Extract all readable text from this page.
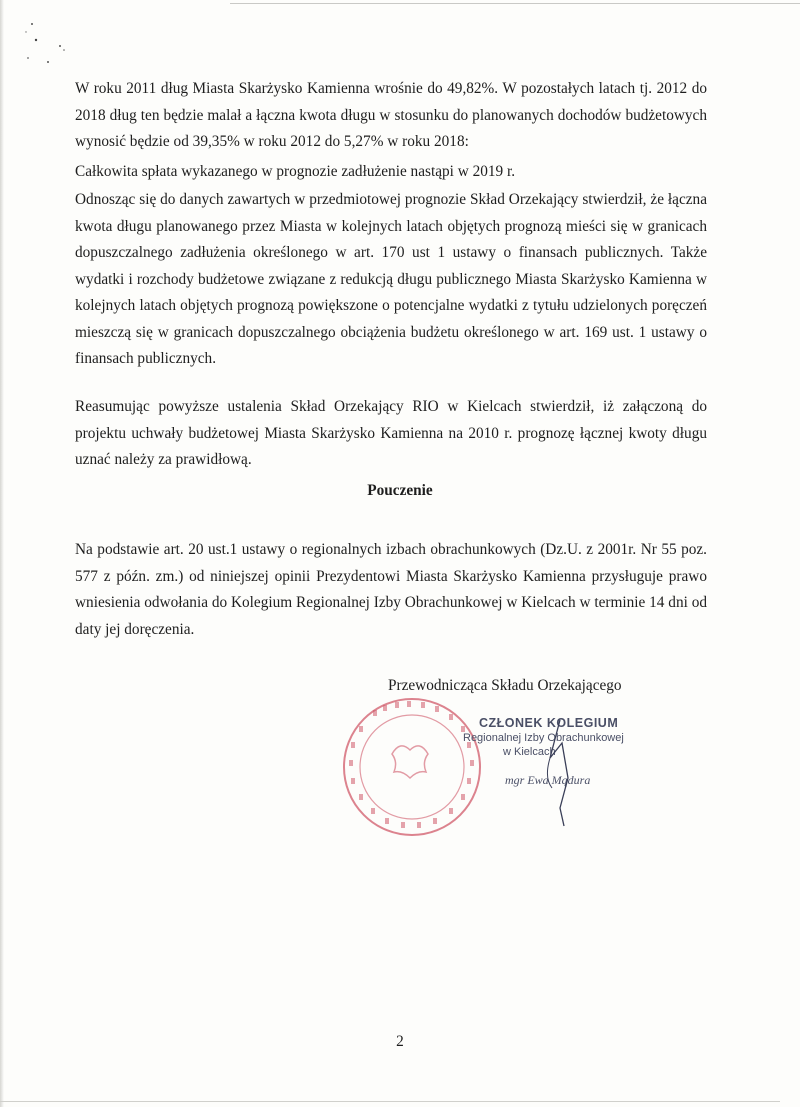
W roku 2011 dług Miasta Skarżysko Kamienna wrośnie do 49,82%. W pozostałych latach tj. 2012 do 2018 dług ten będzie malał a łączna kwota długu w stosunku do planowanych dochodów budżetowych wynosić będzie od 39,35% w roku 2012 do 5,27% w roku 2018:

Całkowita spłata wykazanego w prognozie zadłużenie nastąpi w 2019 r.

Odnosząc się do danych zawartych w przedmiotowej prognozie Skład Orzekający stwierdził, że łączna kwota długu planowanego przez Miasta w kolejnych latach objętych prognozą mieści się w granicach dopuszczalnego zadłużenia określonego w art. 170 ust 1 ustawy o finansach publicznych. Także wydatki i rozchody budżetowe związane z redukcją długu publicznego Miasta Skarżysko Kamienna w kolejnych latach objętych prognozą powiększone o potencjalne wydatki z tytułu udzielonych poręczeń mieszczą się w granicach dopuszczalnego obciążenia budżetu określonego w art. 169 ust. 1 ustawy o finansach publicznych.

Reasumując powyższe ustalenia Skład Orzekający RIO w Kielcach stwierdził, iż załączoną do projektu uchwały budżetowej Miasta Skarżysko Kamienna na 2010 r. prognozę łącznej kwoty długu uznać należy za prawidłową.

Pouczenie

Na podstawie art. 20 ust.1 ustawy o regionalnych izbach obrachunkowych (Dz.U. z 2001r. Nr 55 poz. 577 z późn. zm.) od niniejszej opinii Prezydentowi Miasta Skarżysko Kamienna przysługuje prawo wniesienia odwołania do Kolegium Regionalnej Izby Obrachunkowej w Kielcach w terminie 14 dni od daty jej doręczenia.

Przewodnicząca Składu Orzekającego

CZŁONEK KOLEGIUM

Regionalnej Izby Obrachunkowej

w Kielcach

mgr Ewa Mądura

2
